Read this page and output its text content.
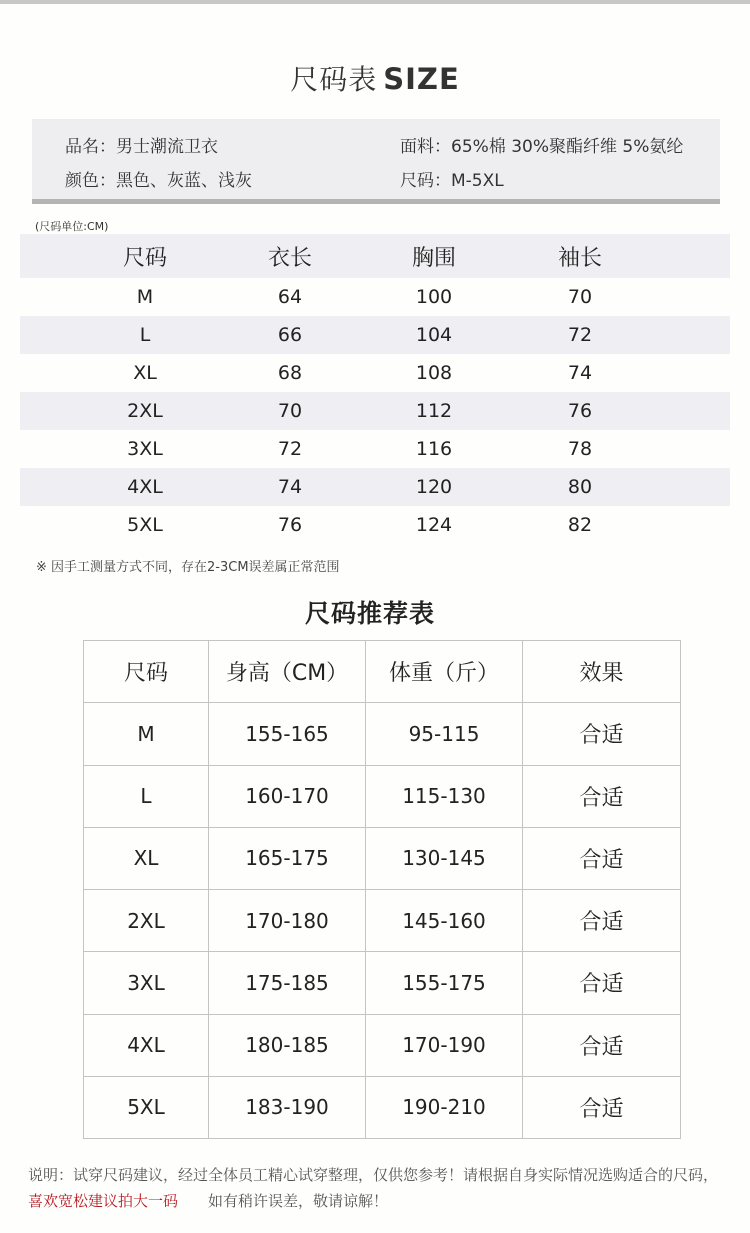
尺码表 SIZE
品名：男士潮流卫衣	面料：65%棉 30%聚酯纤维 5%氨纶
颜色：黑色、灰蓝、浅灰	尺码：M-5XL
(尺码单位:CM)
尺码	衣长	胸围	袖长
M	64	100	70
L	66	104	72
XL	68	108	74
2XL	70	112	76
3XL	72	116	78
4XL	74	120	80
5XL	76	124	82
※ 因手工测量方式不同，存在2-3CM误差属正常范围
尺码推荐表
尺码	身高（CM）	体重（斤）	效果
M	155-165	95-115	合适
L	160-170	115-130	合适
XL	165-175	130-145	合适
2XL	170-180	145-160	合适
3XL	175-185	155-175	合适
4XL	180-185	170-190	合适
5XL	183-190	190-210	合适
说明：试穿尺码建议，经过全体员工精心试穿整理，仅供您参考！请根据自身实际情况选购适合的尺码，喜欢宽松建议拍大一码 如有稍许误差，敬请谅解！
